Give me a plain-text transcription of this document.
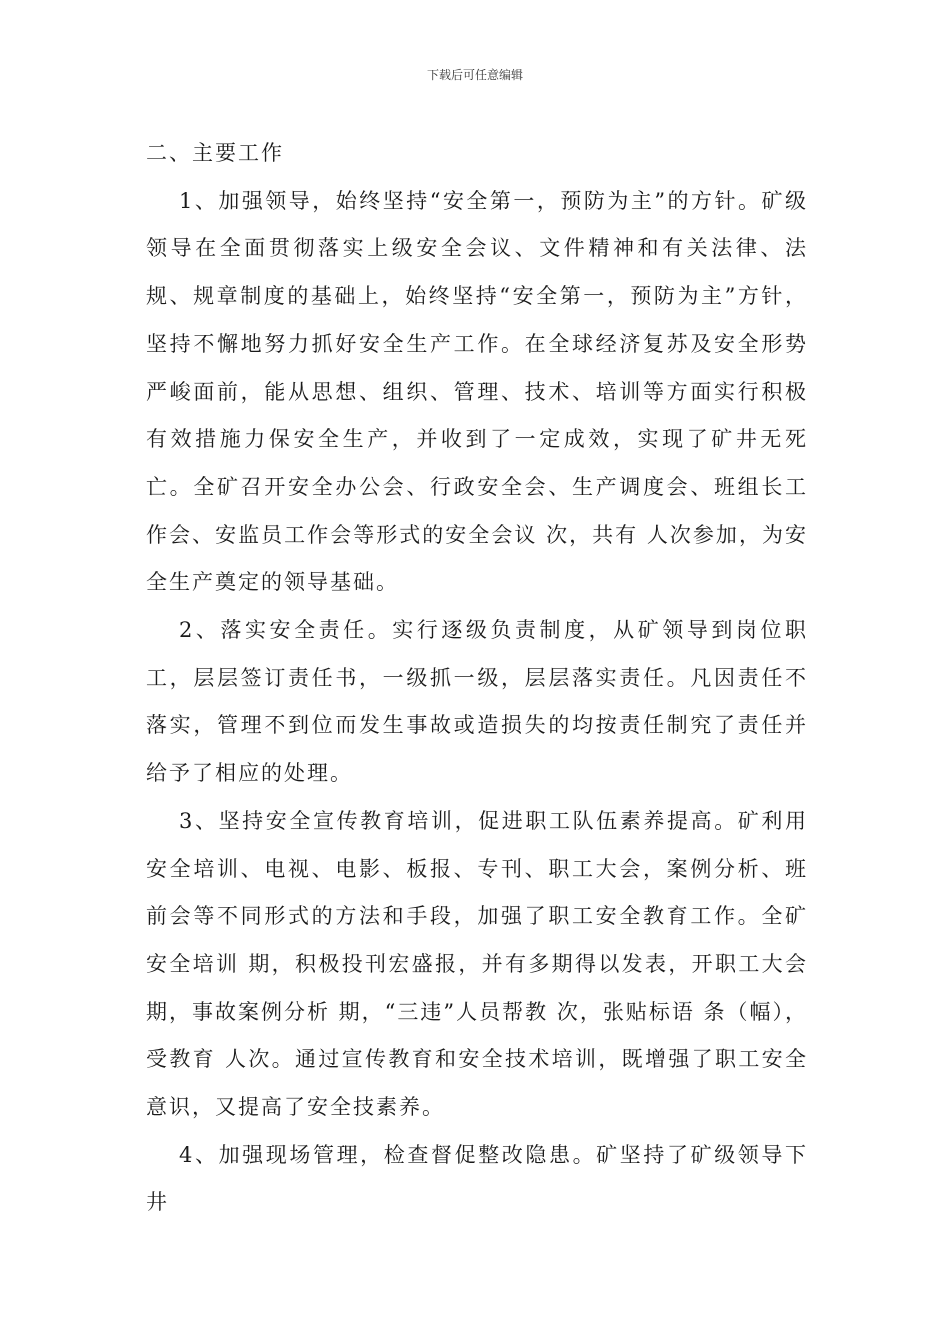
下载后可任意编辑

二、主要工作

1、加强领导，始终坚持“安全第一，预防为主”的方针。矿级领导在全面贯彻落实上级安全会议、文件精神和有关法律、法规、规章制度的基础上，始终坚持“安全第一，预防为主”方针，坚持不懈地努力抓好安全生产工作。在全球经济复苏及安全形势严峻面前，能从思想、组织、管理、技术、培训等方面实行积极有效措施力保安全生产，并收到了一定成效，实现了矿井无死亡。全矿召开安全办公会、行政安全会、生产调度会、班组长工作会、安监员工作会等形式的安全会议 次，共有 人次参加，为安全生产奠定的领导基础。

2、落实安全责任。实行逐级负责制度，从矿领导到岗位职工，层层签订责任书，一级抓一级，层层落实责任。凡因责任不落实，管理不到位而发生事故或造损失的均按责任制究了责任并给予了相应的处理。

3、坚持安全宣传教育培训，促进职工队伍素养提高。矿利用安全培训、电视、电影、板报、专刊、职工大会，案例分析、班前会等不同形式的方法和手段，加强了职工安全教育工作。全矿安全培训 期，积极投刊宏盛报，并有多期得以发表，开职工大会 期，事故案例分析 期，“三违”人员帮教 次，张贴标语 条（幅），受教育 人次。通过宣传教育和安全技术培训，既增强了职工安全意识，又提高了安全技素养。

4、加强现场管理，检查督促整改隐患。矿坚持了矿级领导下井
